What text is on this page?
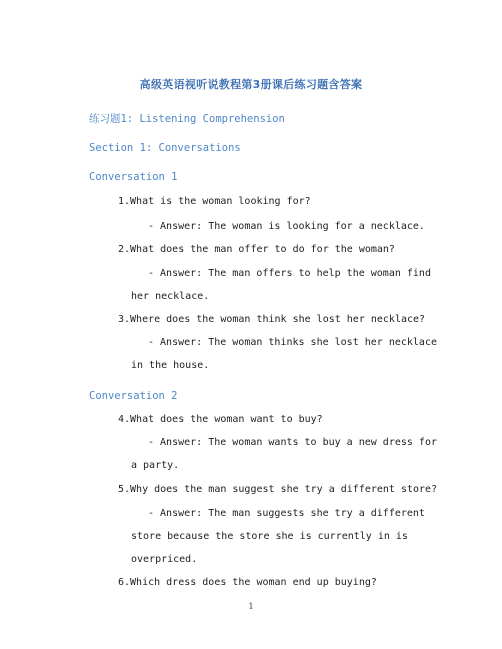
高级英语视听说教程第3册课后练习题含答案
练习题1: Listening Comprehension
Section 1: Conversations
Conversation 1
1.What is the woman looking for?
- Answer: The woman is looking for a necklace.
2.What does the man offer to do for the woman?
- Answer: The man offers to help the woman find
her necklace.
3.Where does the woman think she lost her necklace?
- Answer: The woman thinks she lost her necklace
in the house.
Conversation 2
4.What does the woman want to buy?
- Answer: The woman wants to buy a new dress for
a party.
5.Why does the man suggest she try a different store?
- Answer: The man suggests she try a different
store because the store she is currently in is
overpriced.
6.Which dress does the woman end up buying?
1
